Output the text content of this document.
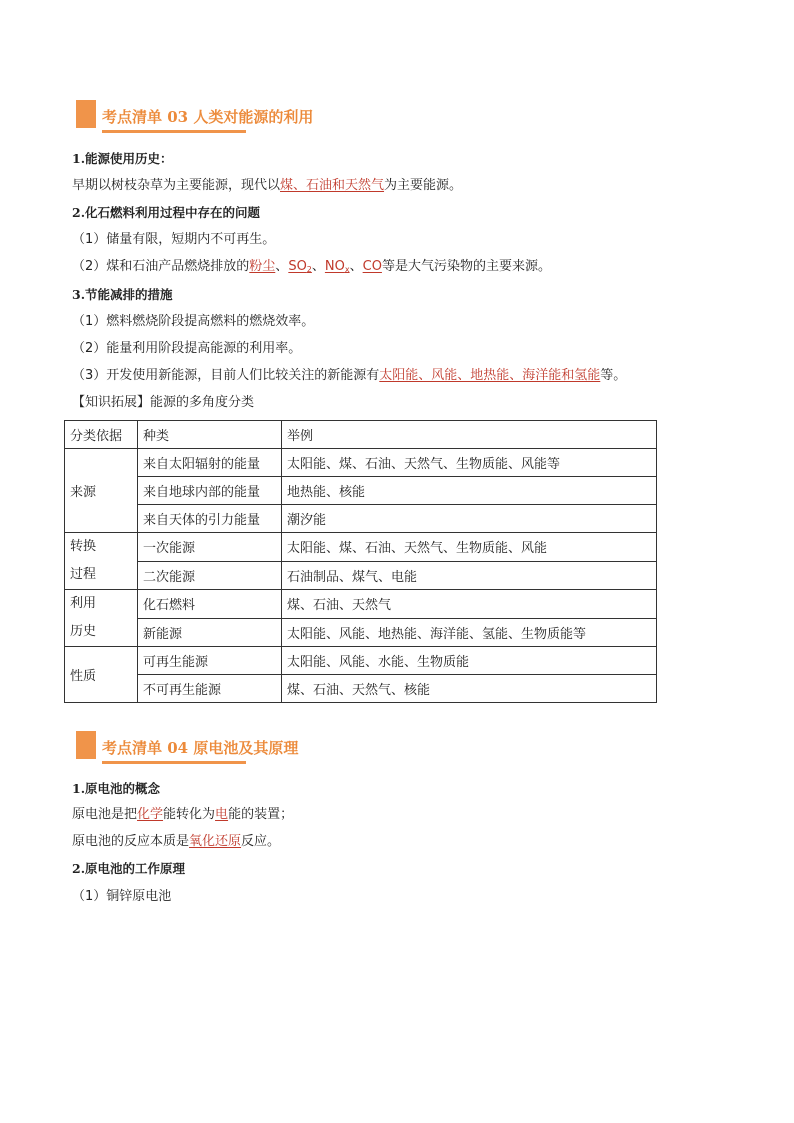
考点清单 03 人类对能源的利用
1.能源使用历史：
早期以树枝杂草为主要能源，现代以煤、石油和天然气为主要能源。
2.化石燃料利用过程中存在的问题
（1）储量有限，短期内不可再生。
（2）煤和石油产品燃烧排放的粉尘、$SO_2$、$NO_x$、CO等是大气污染物的主要来源。
3.节能减排的措施
（1）燃料燃烧阶段提高燃料的燃烧效率。
（2）能量利用阶段提高能源的利用率。
（3）开发使用新能源，目前人们比较关注的新能源有太阳能、风能、地热能、海洋能和氢能等。
【知识拓展】能源的多角度分类
分类依据	种类	举例
来源	来自太阳辐射的能量	太阳能、煤、石油、天然气、生物质能、风能等
	来自地球内部的能量	地热能、核能
	来自天体的引力能量	潮汐能
转换
过程	一次能源	太阳能、煤、石油、天然气、生物质能、风能
	二次能源	石油制品、煤气、电能
利用
历史	化石燃料	煤、石油、天然气
	新能源	太阳能、风能、地热能、海洋能、氢能、生物质能等
性质	可再生能源	太阳能、风能、水能、生物质能
	不可再生能源	煤、石油、天然气、核能
考点清单 04 原电池及其原理
1.原电池的概念
原电池是把化学能转化为电能的装置；
原电池的反应本质是氧化还原反应。
2.原电池的工作原理
（1）铜锌原电池
